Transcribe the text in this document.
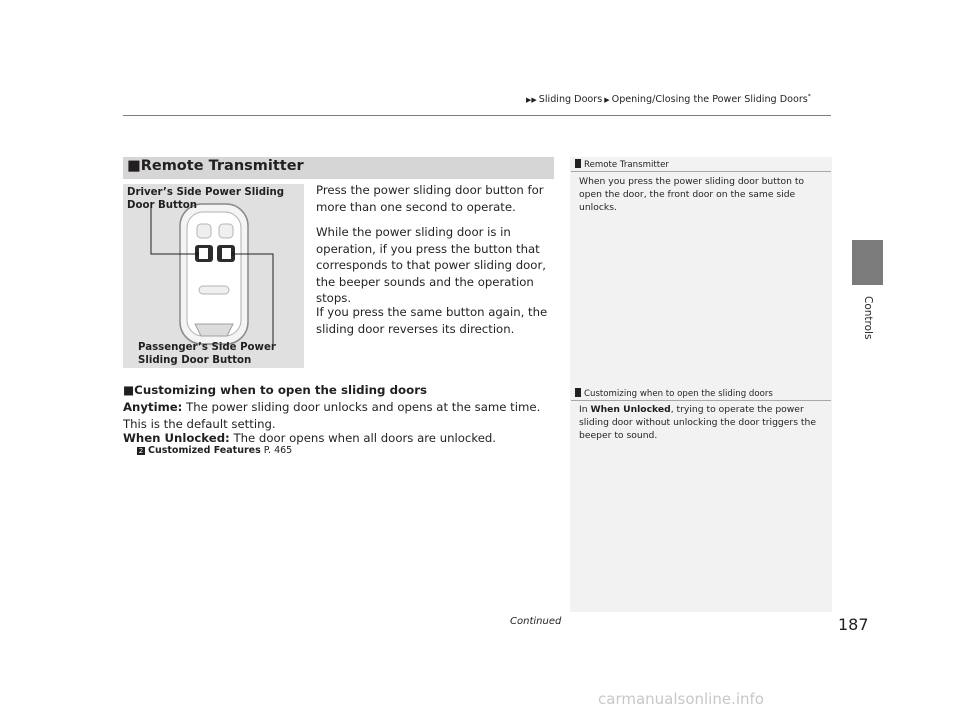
▶▶ Sliding Doors ▶ Opening/Closing the Power Sliding Doors*
Controls
■Remote Transmitter
Driver’s Side Power Sliding Door Button
Passenger’s Side Power Sliding Door Button
Press the power sliding door button for more than one second to operate.
While the power sliding door is in operation, if you press the button that corresponds to that power sliding door, the beeper sounds and the operation stops.
If you press the same button again, the sliding door reverses its direction.
■Customizing when to open the sliding doors
Anytime: The power sliding door unlocks and opens at the same time. This is the default setting.
When Unlocked: The door opens when all doors are unlocked.
2 Customized Features P. 465
Remote Transmitter
When you press the power sliding door button to open the door, the front door on the same side unlocks.
Customizing when to open the sliding doors
In When Unlocked, trying to operate the power sliding door without unlocking the door triggers the beeper to sound.
Continued	187
carmanualsonline.info
